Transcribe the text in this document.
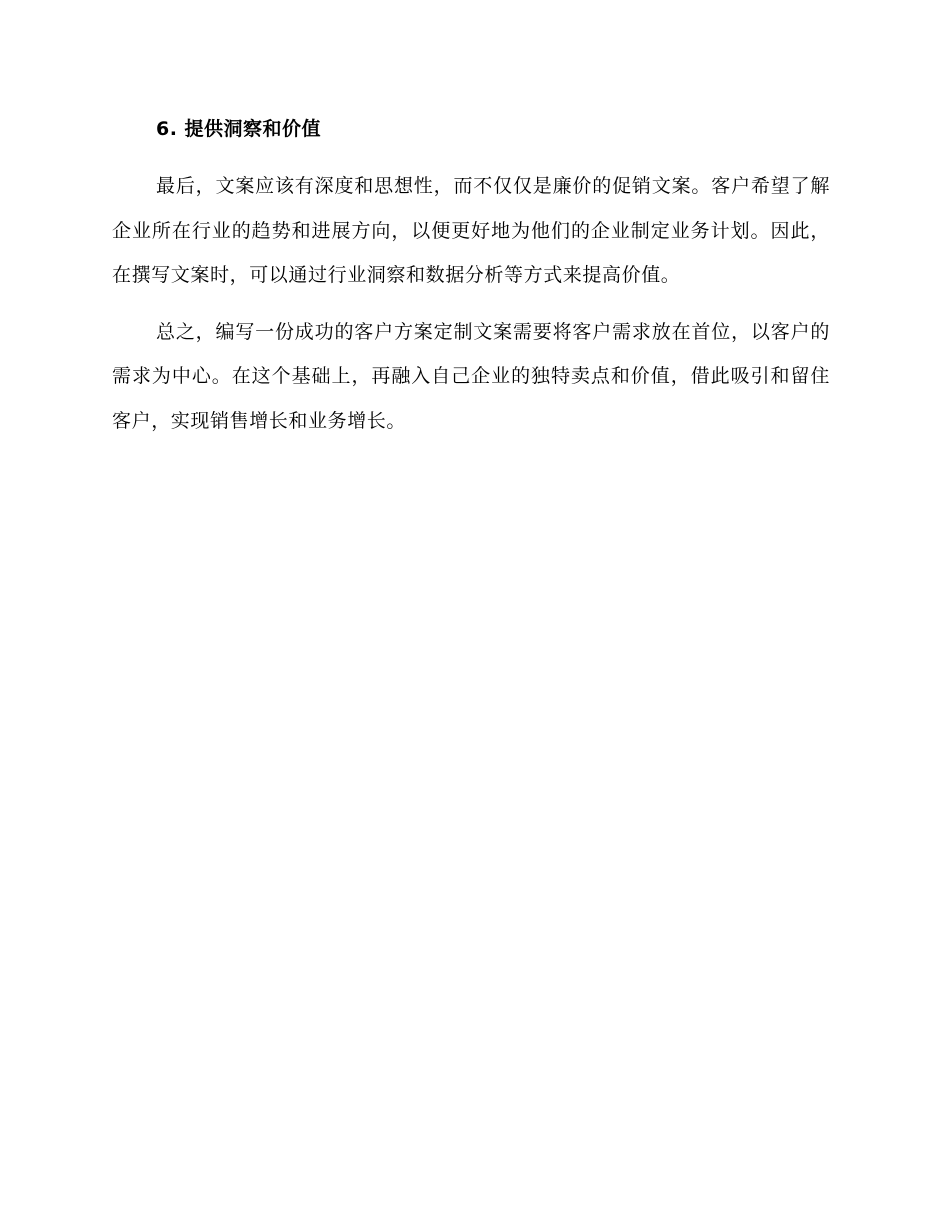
6. 提供洞察和价值

最后，文案应该有深度和思想性，而不仅仅是廉价的促销文案。客户希望了解企业所在行业的趋势和进展方向，以便更好地为他们的企业制定业务计划。因此，在撰写文案时，可以通过行业洞察和数据分析等方式来提高价值。

总之，编写一份成功的客户方案定制文案需要将客户需求放在首位，以客户的需求为中心。在这个基础上，再融入自己企业的独特卖点和价值，借此吸引和留住客户，实现销售增长和业务增长。
